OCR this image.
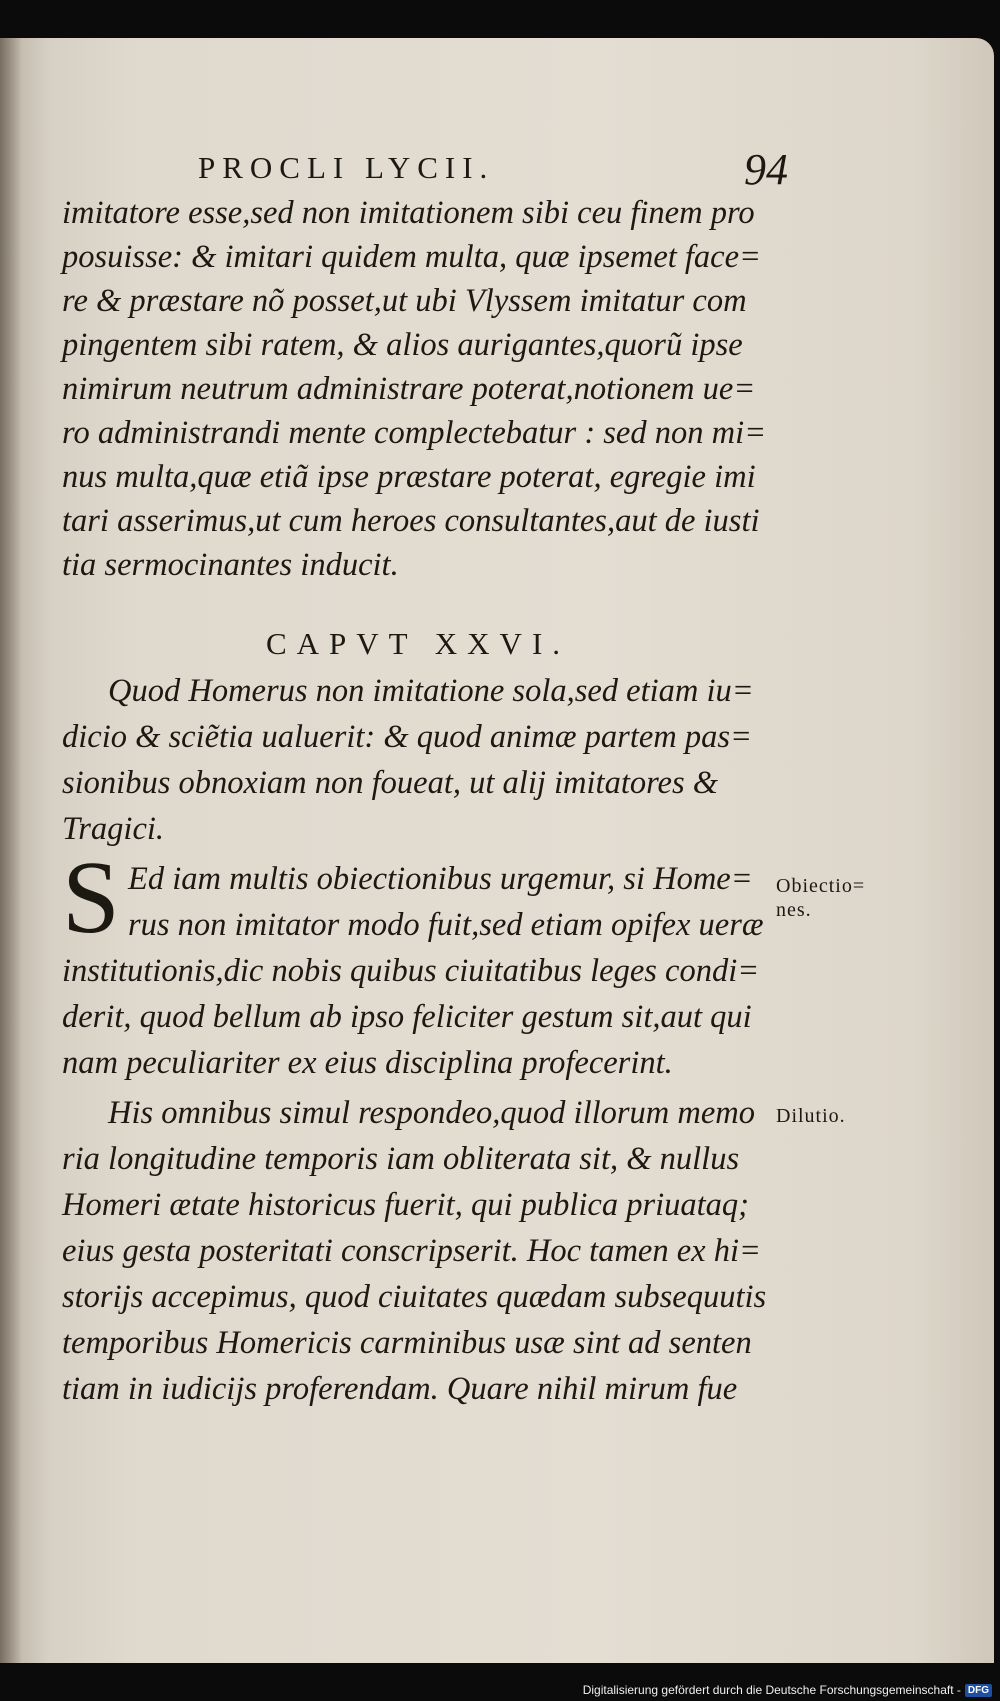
PROCLI LYCII.	94
imitatore esse,sed non imitationem sibi ceu finem pro
posuisse: & imitari quidem multa, quæ ipsemet face=
re & præstare nõ posset,ut ubi Vlyssem imitatur com
pingentem sibi ratem, & alios aurigantes,quorũ ipse
nimirum neutrum administrare poterat,notionem ue=
ro administrandi mente complectebatur : sed non mi=
nus multa,quæ etiã ipse præstare poterat, egregie imi
tari asserimus,ut cum heroes consultantes,aut de iusti
tia sermocinantes inducit.
CAPVT XXVI.
Quod Homerus non imitatione sola,sed etiam iu=
dicio & sciẽtia ualuerit: & quod animæ partem pas=
sionibus obnoxiam non foueat, ut alij imitatores &
Tragici.
S Ed iam multis obiectionibus urgemur, si Home=
rus non imitator modo fuit,sed etiam opifex ueræ
institutionis,dic nobis quibus ciuitatibus leges condi=
derit, quod bellum ab ipso feliciter gestum sit,aut qui
nam peculiariter ex eius disciplina profecerint.
His omnibus simul respondeo,quod illorum memo
ria longitudine temporis iam obliterata sit, & nullus
Homeri ætate historicus fuerit, qui publica priuataq;
eius gesta posteritati conscripserit. Hoc tamen ex hi=
storijs accepimus, quod ciuitates quædam subsequutis
temporibus Homericis carminibus usæ sint ad senten
tiam in iudicijs proferendam. Quare nihil mirum fue
Obiectio=
nes.
Dilutio.
Digitalisierung gefördert durch die Deutsche Forschungsgemeinschaft - DFG
